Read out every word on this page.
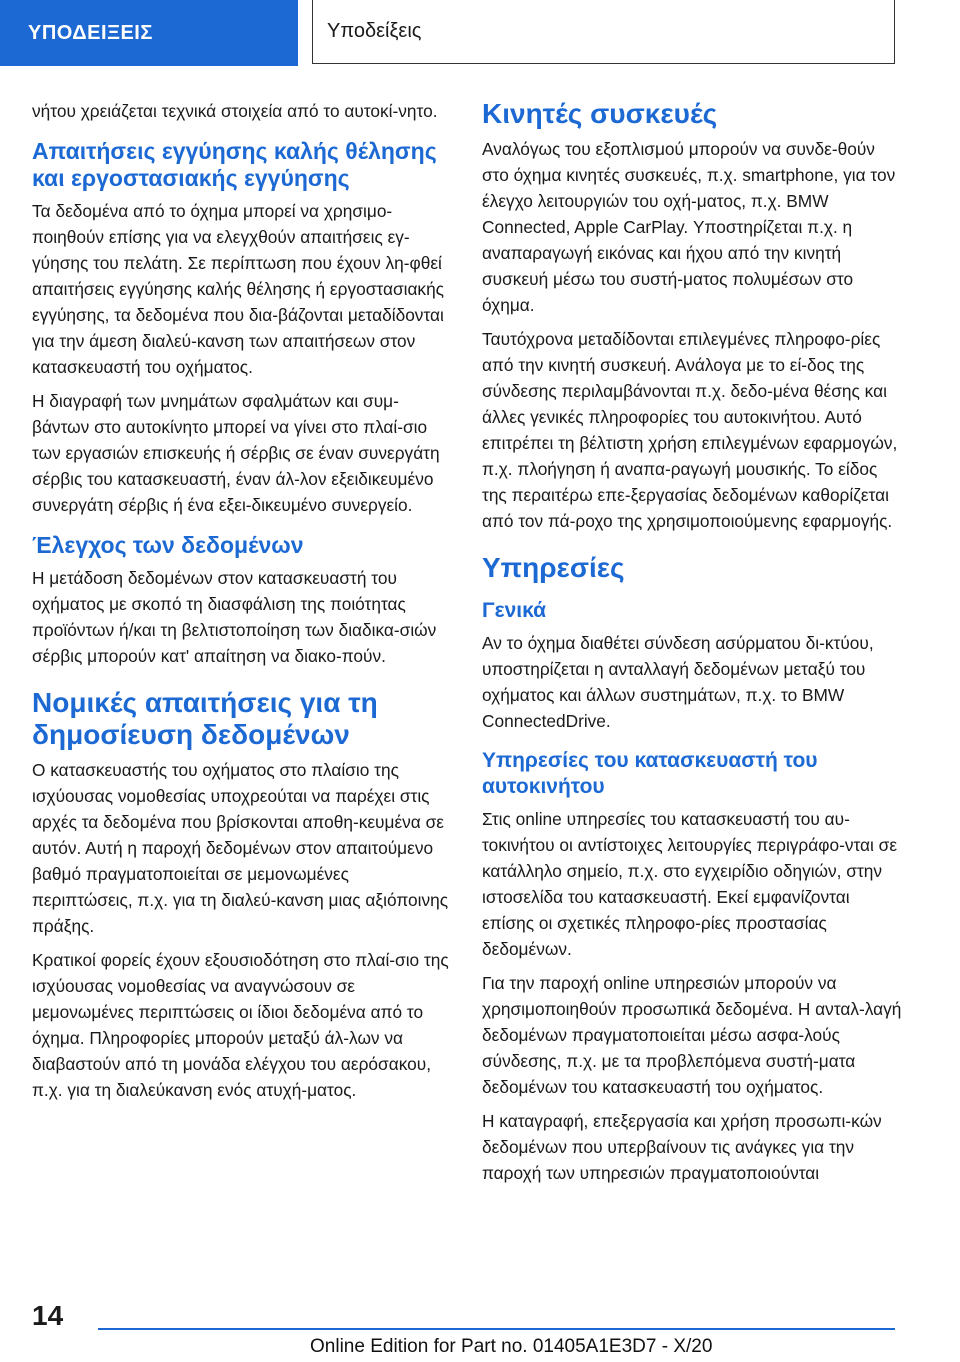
ΥΠΟΔΕΙΞΕΙΣ	Υποδείξεις

νήτου χρειάζεται τεχνικά στοιχεία από το αυτοκί-νητο.

Απαιτήσεις εγγύησης καλής θέλησης και εργοστασιακής εγγύησης

Τα δεδομένα από το όχημα μπορεί να χρησιμο-ποιηθούν επίσης για να ελεγχθούν απαιτήσεις εγ-γύησης του πελάτη. Σε περίπτωση που έχουν λη-φθεί απαιτήσεις εγγύησης καλής θέλησης ή εργοστασιακής εγγύησης, τα δεδομένα που δια-βάζονται μεταδίδονται για την άμεση διαλεύ-κανση των απαιτήσεων στον κατασκευαστή του οχήματος.

Η διαγραφή των μνημάτων σφαλμάτων και συμ-βάντων στο αυτοκίνητο μπορεί να γίνει στο πλαί-σιο των εργασιών επισκευής ή σέρβις σε έναν συνεργάτη σέρβις του κατασκευαστή, έναν άλ-λον εξειδικευμένο συνεργάτη σέρβις ή ένα εξει-δικευμένο συνεργείο.

Έλεγχος των δεδομένων

Η μετάδοση δεδομένων στον κατασκευαστή του οχήματος με σκοπό τη διασφάλιση της ποιότητας προϊόντων ή/και τη βελτιστοποίηση των διαδικα-σιών σέρβις μπορούν κατ' απαίτηση να διακο-πούν.

Νομικές απαιτήσεις για τη δημοσίευση δεδομένων

Ο κατασκευαστής του οχήματος στο πλαίσιο της ισχύουσας νομοθεσίας υποχρεούται να παρέχει στις αρχές τα δεδομένα που βρίσκονται αποθη-κευμένα σε αυτόν. Αυτή η παροχή δεδομένων στον απαιτούμενο βαθμό πραγματοποιείται σε μεμονωμένες περιπτώσεις, π.χ. για τη διαλεύ-κανση μιας αξιόποινης πράξης.

Κρατικοί φορείς έχουν εξουσιοδότηση στο πλαί-σιο της ισχύουσας νομοθεσίας να αναγνώσουν σε μεμονωμένες περιπτώσεις οι ίδιοι δεδομένα από το όχημα. Πληροφορίες μπορούν μεταξύ άλ-λων να διαβαστούν από τη μονάδα ελέγχου του αερόσακου, π.χ. για τη διαλεύκανση ενός ατυχή-ματος.

Κινητές συσκευές

Αναλόγως του εξοπλισμού μπορούν να συνδε-θούν στο όχημα κινητές συσκευές, π.χ. smartphone, για τον έλεγχο λειτουργιών του οχή-ματος, π.χ. BMW Connected, Apple CarPlay. Υποστηρίζεται π.χ. η αναπαραγωγή εικόνας και ήχου από την κινητή συσκευή μέσω του συστή-ματος πολυμέσων στο όχημα.

Ταυτόχρονα μεταδίδονται επιλεγμένες πληροφο-ρίες από την κινητή συσκευή. Ανάλογα με το εί-δος της σύνδεσης περιλαμβάνονται π.χ. δεδο-μένα θέσης και άλλες γενικές πληροφορίες του αυτοκινήτου. Αυτό επιτρέπει τη βέλτιστη χρήση επιλεγμένων εφαρμογών, π.χ. πλοήγηση ή αναπα-ραγωγή μουσικής. Το είδος της περαιτέρω επε-ξεργασίας δεδομένων καθορίζεται από τον πά-ροχο της χρησιμοποιούμενης εφαρμογής.

Υπηρεσίες
Γενικά

Αν το όχημα διαθέτει σύνδεση ασύρματου δι-κτύου, υποστηρίζεται η ανταλλαγή δεδομένων μεταξύ του οχήματος και άλλων συστημάτων, π.χ. το BMW ConnectedDrive.

Υπηρεσίες του κατασκευαστή του αυτοκινήτου

Στις online υπηρεσίες του κατασκευαστή του αυ-τοκινήτου οι αντίστοιχες λειτουργίες περιγράφο-νται σε κατάλληλο σημείο, π.χ. στο εγχειρίδιο οδηγιών, στην ιστοσελίδα του κατασκευαστή. Εκεί εμφανίζονται επίσης οι σχετικές πληροφο-ρίες προστασίας δεδομένων.

Για την παροχή online υπηρεσιών μπορούν να χρησιμοποιηθούν προσωπικά δεδομένα. Η ανταλ-λαγή δεδομένων πραγματοποιείται μέσω ασφα-λούς σύνδεσης, π.χ. με τα προβλεπόμενα συστή-ματα δεδομένων του κατασκευαστή του οχήματος.

Η καταγραφή, επεξεργασία και χρήση προσωπι-κών δεδομένων που υπερβαίνουν τις ανάγκες για την παροχή των υπηρεσιών πραγματοποιούνται

14
Online Edition for Part no. 01405A1E3D7 - X/20
